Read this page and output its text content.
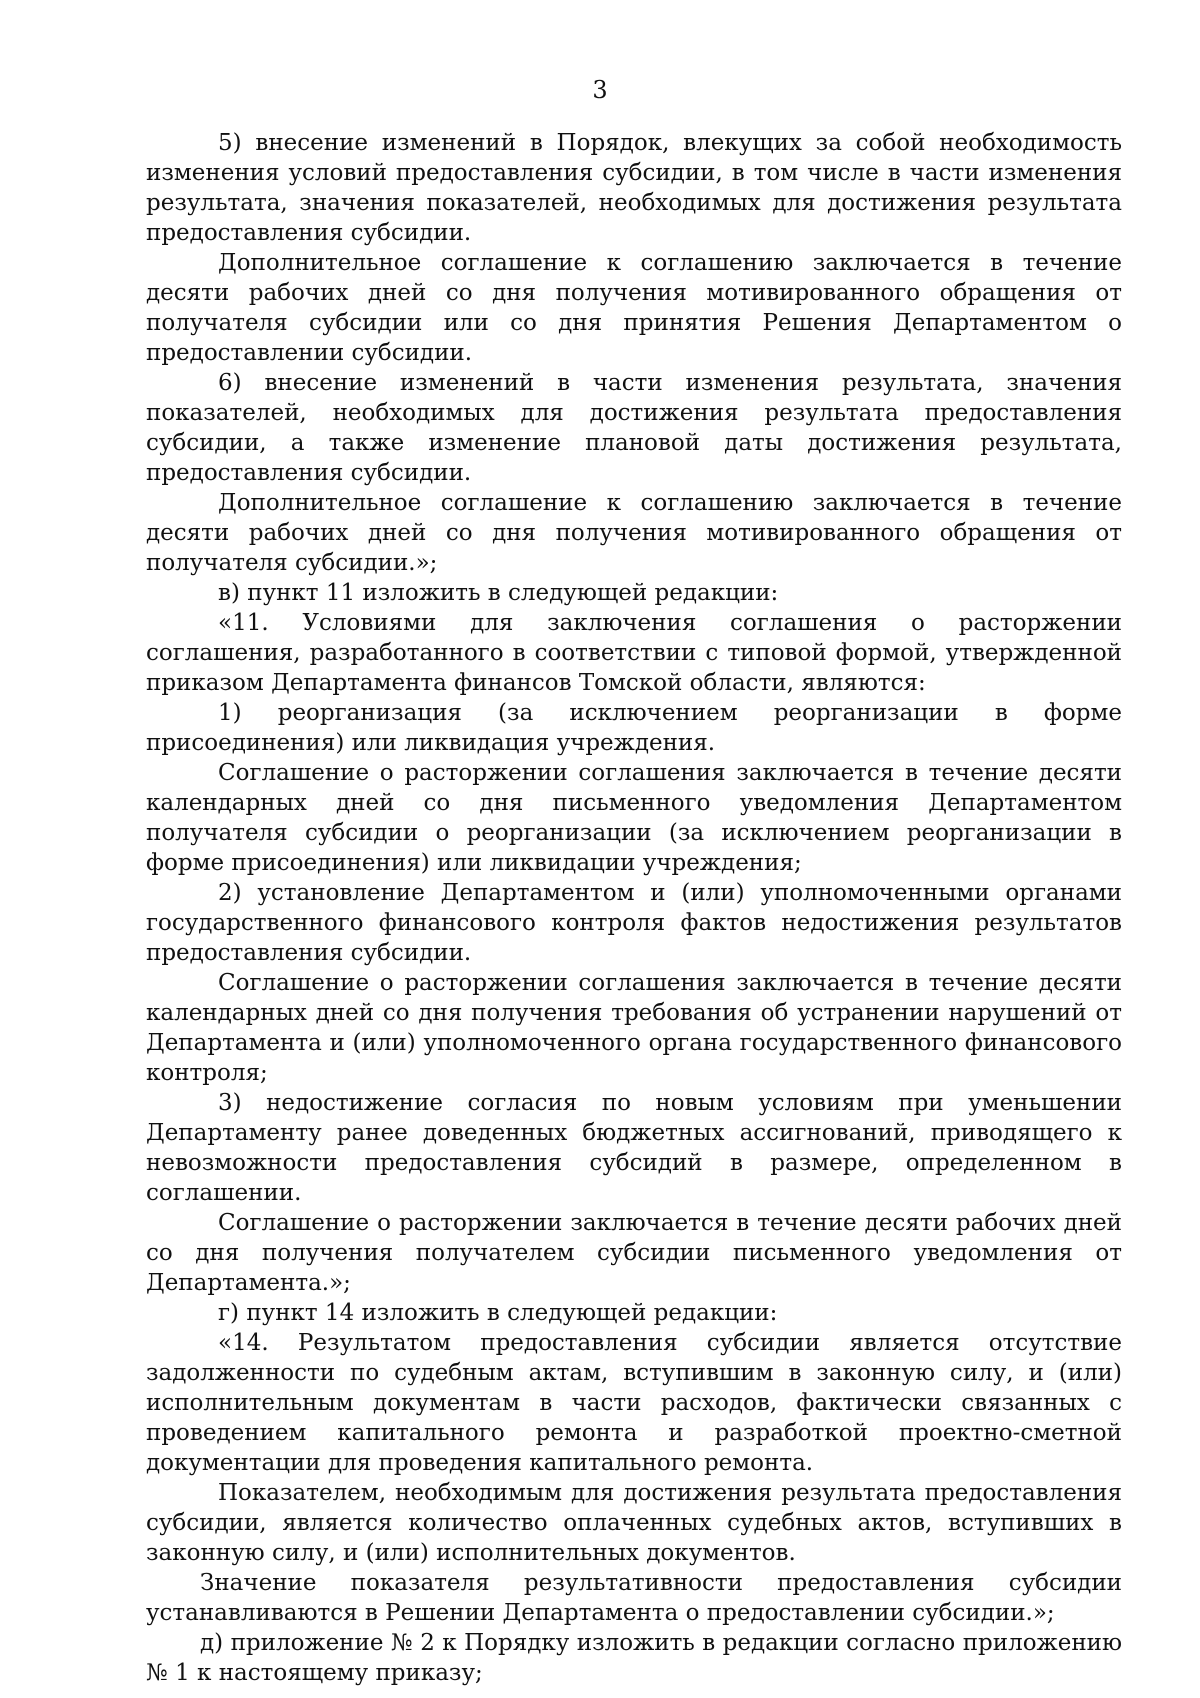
3

5) внесение изменений в Порядок, влекущих за собой необходимость изменения условий предоставления субсидии, в том числе в части изменения результата, значения показателей, необходимых для достижения результата предоставления субсидии.

Дополнительное соглашение к соглашению заключается в течение десяти рабочих дней со дня получения мотивированного обращения от получателя субсидии или со дня принятия Решения Департаментом о предоставлении субсидии.

6) внесение изменений в части изменения результата, значения показателей, необходимых для достижения результата предоставления субсидии, а также изменение плановой даты достижения результата, предоставления субсидии.

Дополнительное соглашение к соглашению заключается в течение десяти рабочих дней со дня получения мотивированного обращения от получателя субсидии.»;

в) пункт 11 изложить в следующей редакции:

«11. Условиями для заключения соглашения о расторжении соглашения, разработанного в соответствии с типовой формой, утвержденной приказом Департамента финансов Томской области, являются:

1) реорганизация (за исключением реорганизации в форме присоединения) или ликвидация учреждения.

Соглашение о расторжении соглашения заключается в течение десяти календарных дней со дня письменного уведомления Департаментом получателя субсидии о реорганизации (за исключением реорганизации в форме присоединения) или ликвидации учреждения;

2) установление Департаментом и (или) уполномоченными органами государственного финансового контроля фактов недостижения результатов предоставления субсидии.

Соглашение о расторжении соглашения заключается в течение десяти календарных дней со дня получения требования об устранении нарушений от Департамента и (или) уполномоченного органа государственного финансового контроля;

3) недостижение согласия по новым условиям при уменьшении Департаменту ранее доведенных бюджетных ассигнований, приводящего к невозможности предоставления субсидий в размере, определенном в соглашении.

Соглашение о расторжении заключается в течение десяти рабочих дней со дня получения получателем субсидии письменного уведомления от Департамента.»;

г) пункт 14 изложить в следующей редакции:

«14. Результатом предоставления субсидии является отсутствие задолженности по судебным актам, вступившим в законную силу, и (или) исполнительным документам в части расходов, фактически связанных с проведением капитального ремонта и разработкой проектно-сметной документации для проведения капитального ремонта.

Показателем, необходимым для достижения результата предоставления субсидии, является количество оплаченных судебных актов, вступивших в законную силу, и (или) исполнительных документов.

Значение показателя результативности предоставления субсидии устанавливаются в Решении Департамента о предоставлении субсидии.»;

д) приложение № 2 к Порядку изложить в редакции согласно приложению № 1 к настоящему приказу;
